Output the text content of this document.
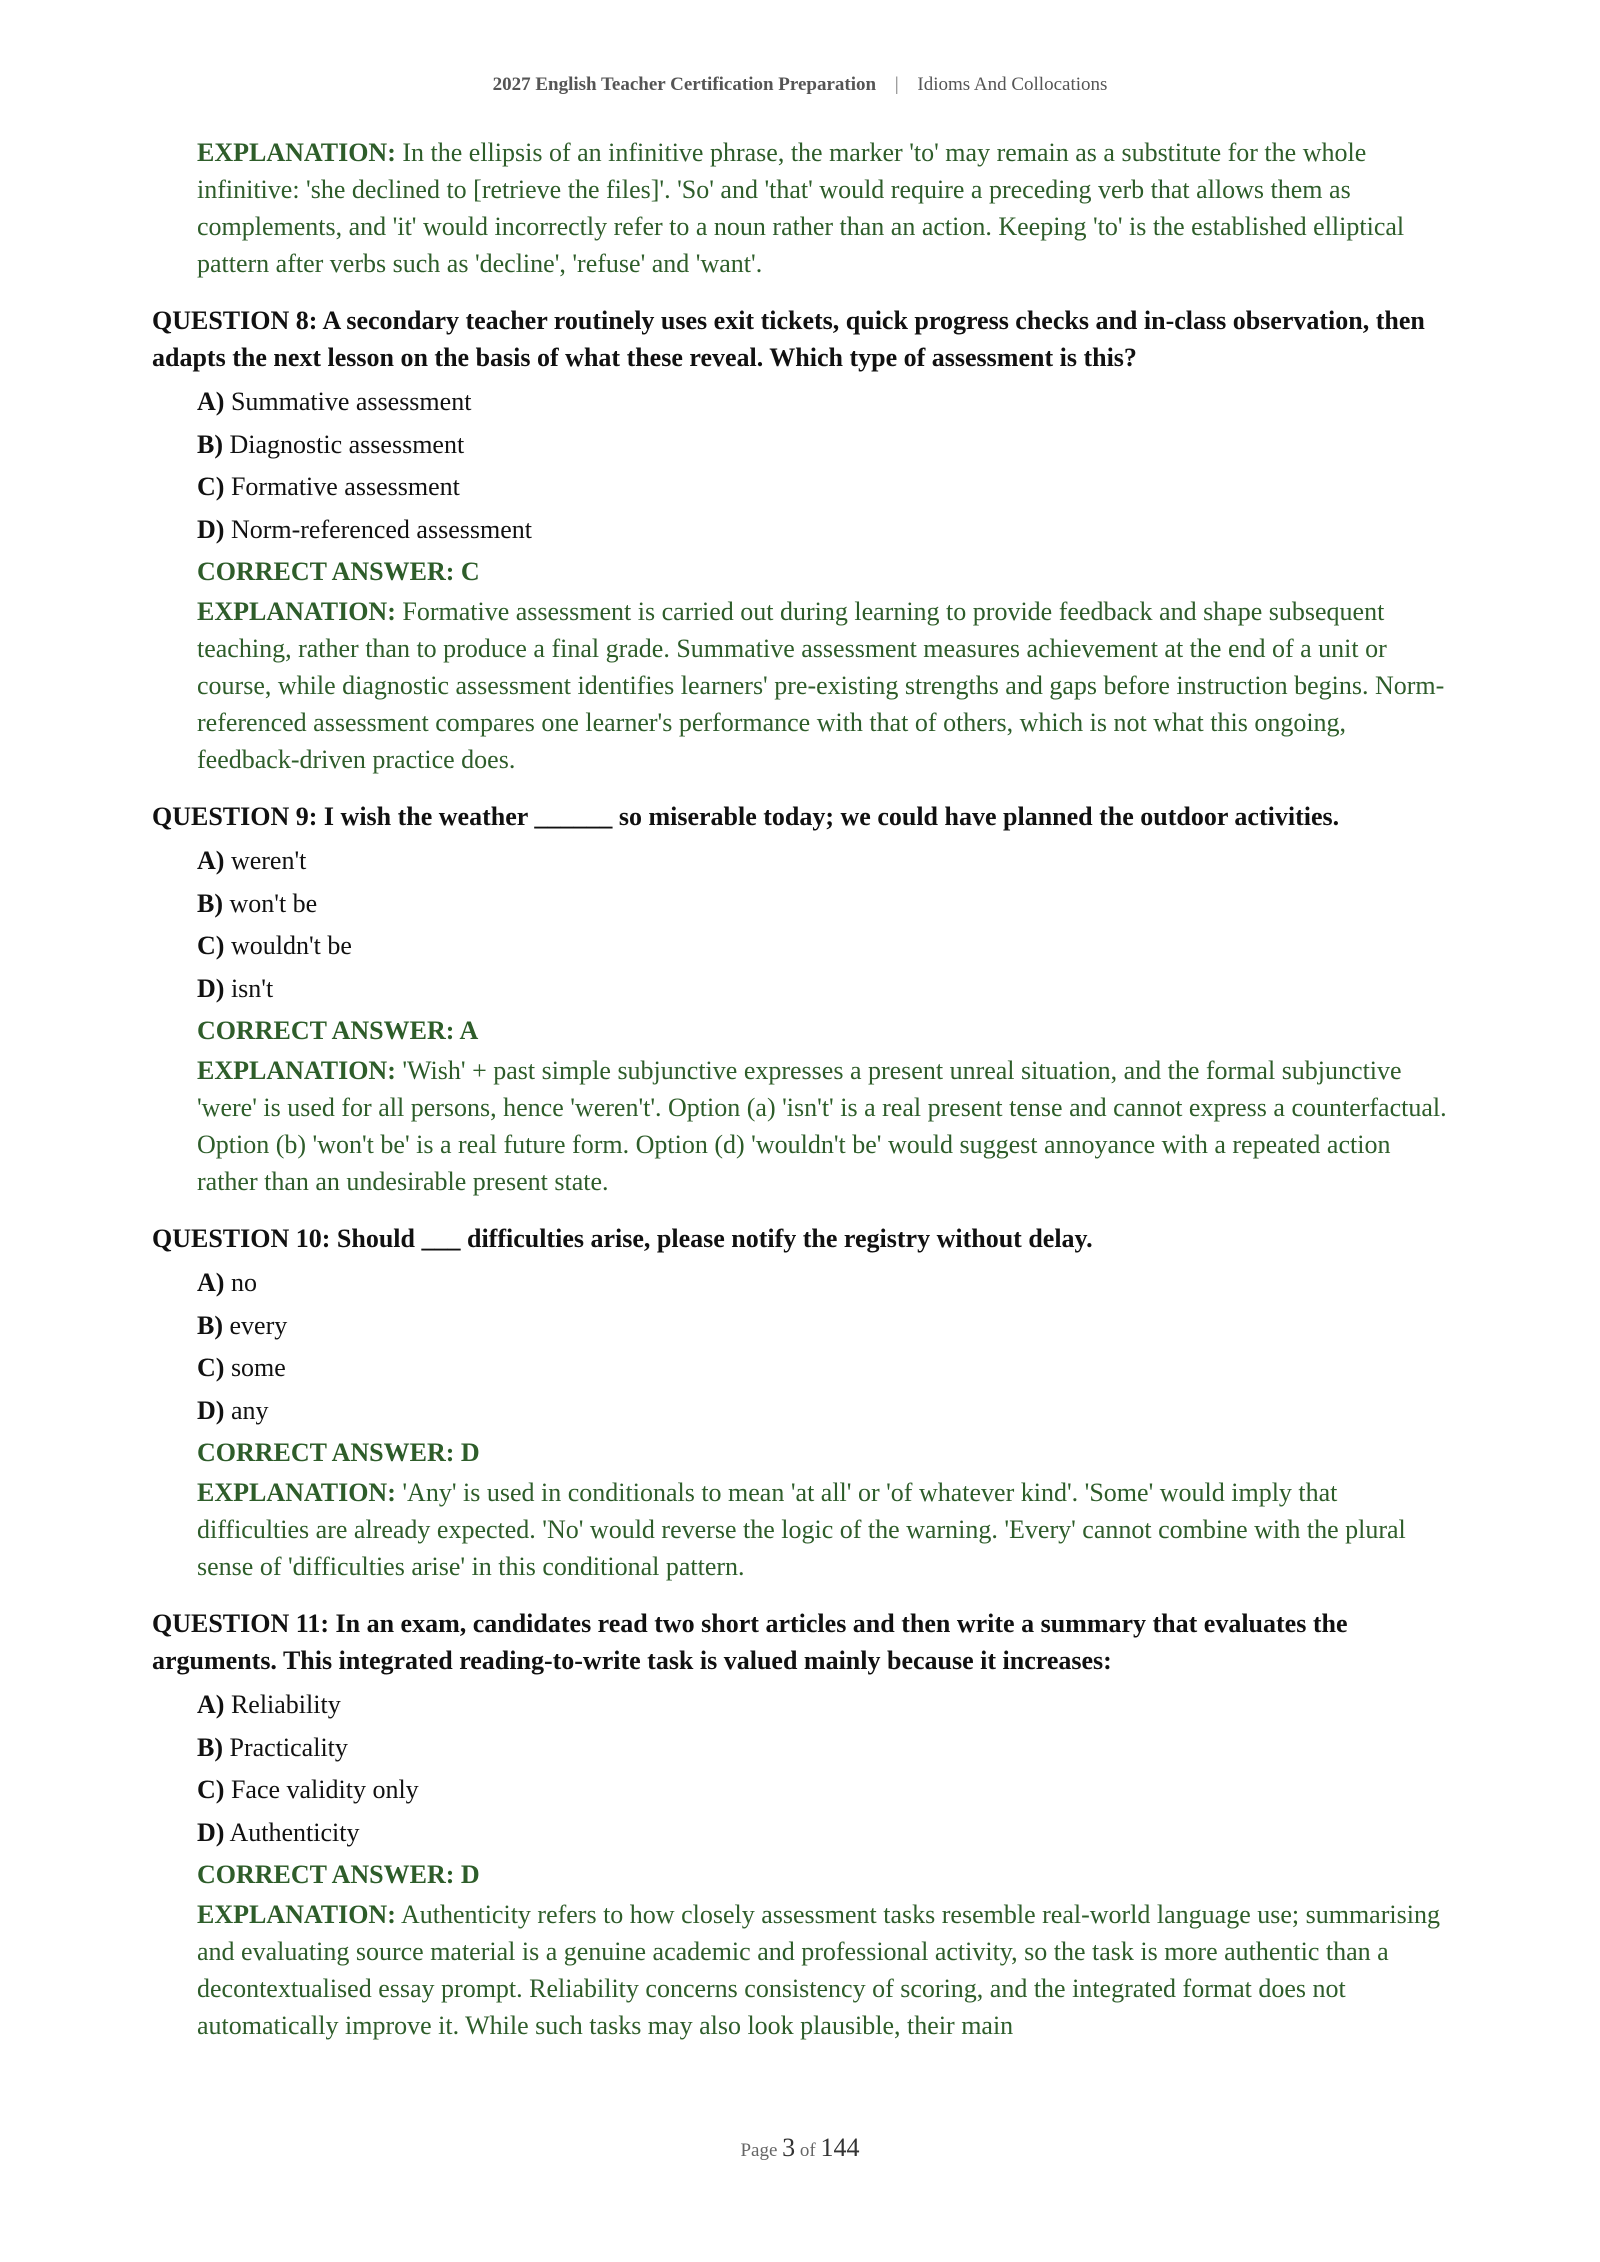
2027 English Teacher Certification Preparation | Idioms And Collocations

EXPLANATION: In the ellipsis of an infinitive phrase, the marker 'to' may remain as a substitute for the whole infinitive: 'she declined to [retrieve the files]'. 'So' and 'that' would require a preceding verb that allows them as complements, and 'it' would incorrectly refer to a noun rather than an action. Keeping 'to' is the established elliptical pattern after verbs such as 'decline', 'refuse' and 'want'.

QUESTION 8: A secondary teacher routinely uses exit tickets, quick progress checks and in-class observation, then adapts the next lesson on the basis of what these reveal. Which type of assessment is this?

A) Summative assessment
B) Diagnostic assessment
C) Formative assessment
D) Norm-referenced assessment
CORRECT ANSWER: C

EXPLANATION: Formative assessment is carried out during learning to provide feedback and shape subsequent teaching, rather than to produce a final grade. Summative assessment measures achievement at the end of a unit or course, while diagnostic assessment identifies learners' pre-existing strengths and gaps before instruction begins. Norm-referenced assessment compares one learner's performance with that of others, which is not what this ongoing, feedback-driven practice does.

QUESTION 9: I wish the weather ______ so miserable today; we could have planned the outdoor activities.

A) weren't
B) won't be
C) wouldn't be
D) isn't
CORRECT ANSWER: A

EXPLANATION: 'Wish' + past simple subjunctive expresses a present unreal situation, and the formal subjunctive 'were' is used for all persons, hence 'weren't'. Option (a) 'isn't' is a real present tense and cannot express a counterfactual. Option (b) 'won't be' is a real future form. Option (d) 'wouldn't be' would suggest annoyance with a repeated action rather than an undesirable present state.

QUESTION 10: Should ___ difficulties arise, please notify the registry without delay.

A) no
B) every
C) some
D) any
CORRECT ANSWER: D

EXPLANATION: 'Any' is used in conditionals to mean 'at all' or 'of whatever kind'. 'Some' would imply that difficulties are already expected. 'No' would reverse the logic of the warning. 'Every' cannot combine with the plural sense of 'difficulties arise' in this conditional pattern.

QUESTION 11: In an exam, candidates read two short articles and then write a summary that evaluates the arguments. This integrated reading-to-write task is valued mainly because it increases:

A) Reliability
B) Practicality
C) Face validity only
D) Authenticity
CORRECT ANSWER: D

EXPLANATION: Authenticity refers to how closely assessment tasks resemble real-world language use; summarising and evaluating source material is a genuine academic and professional activity, so the task is more authentic than a decontextualised essay prompt. Reliability concerns consistency of scoring, and the integrated format does not automatically improve it. While such tasks may also look plausible, their main

Page 3 of 144
